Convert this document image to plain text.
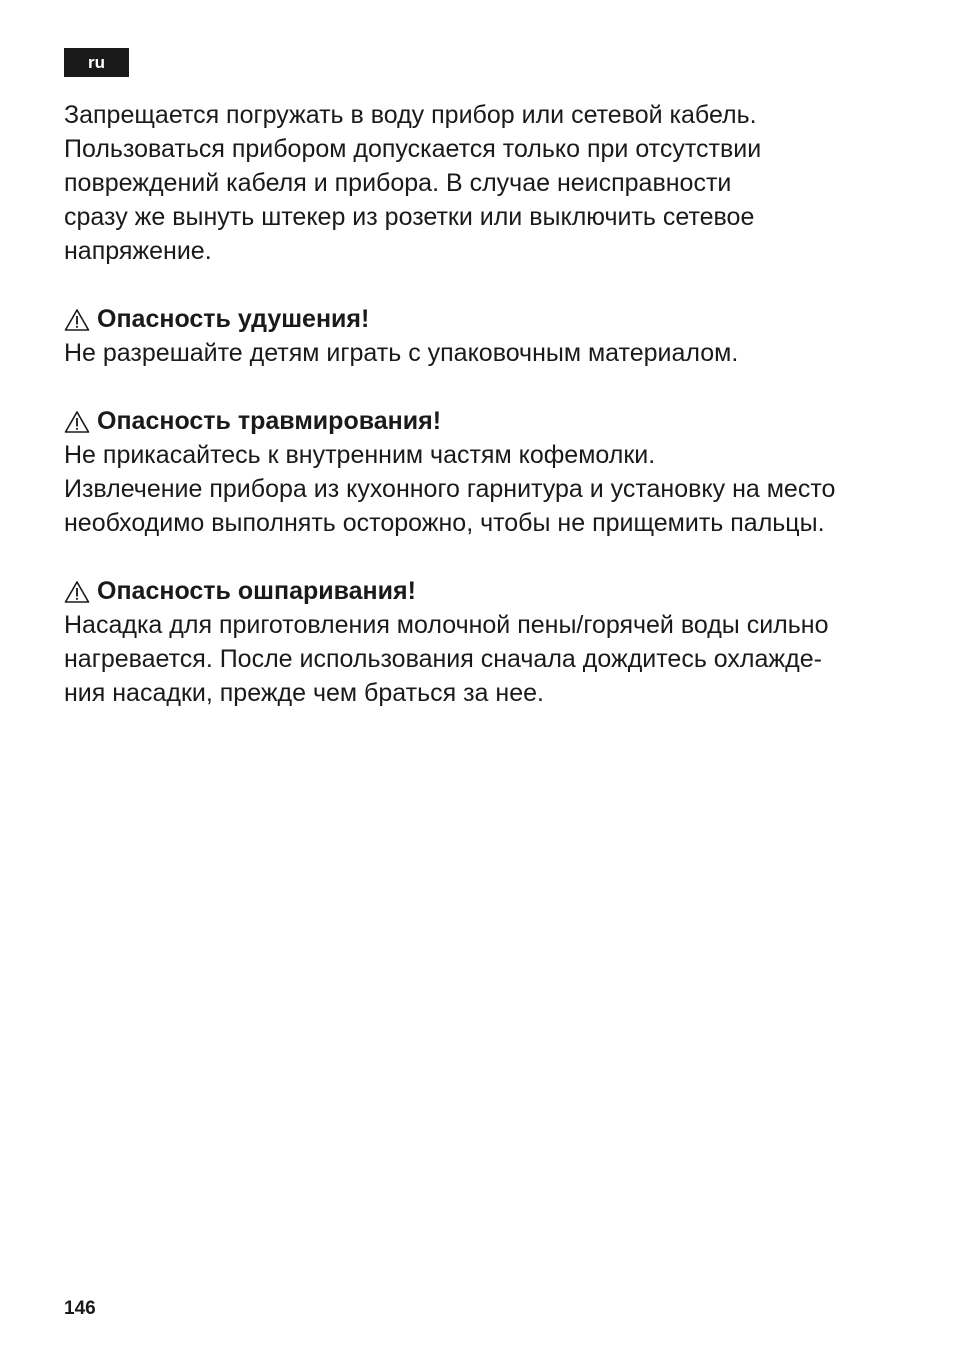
ru

Запрещается погружать в воду прибор или сетевой кабель.

Пользоваться прибором допускается только при отсутствии

повреждений кабеля и прибора. В случае неисправности

сразу же вынуть штекер из розетки или выключить сетевое

напряжение.

Опасность удушения!

Не разрешайте детям играть с упаковочным материалом.

Опасность травмирования!

Не прикасайтесь к внутренним частям кофемолки.

Извлечение прибора из кухонного гарнитура и установку на место

необходимо выполнять осторожно, чтобы не прищемить пальцы.

Опасность ошпаривания!

Насадка для приготовления молочной пены/горячей воды сильно

нагревается. После использования сначала дождитесь охлажде-

ния насадки, прежде чем браться за нее.

146
